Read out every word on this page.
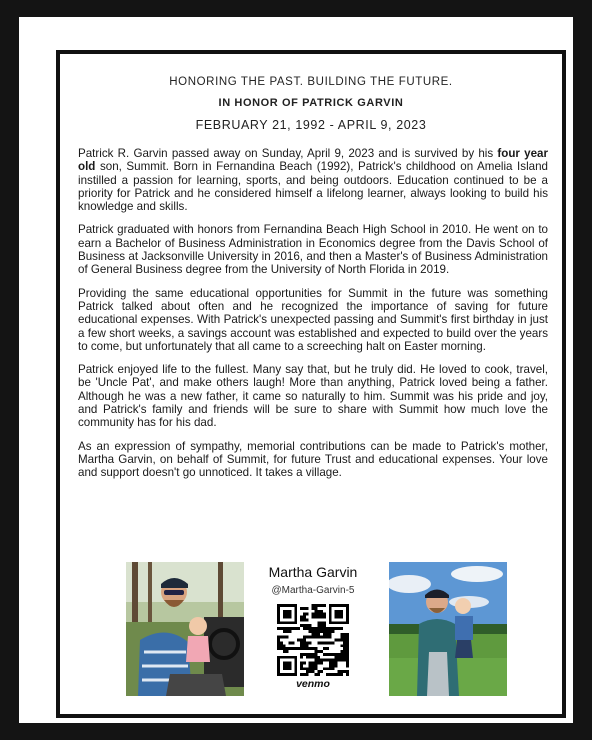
HONORING THE PAST. BUILDING THE FUTURE.
IN HONOR OF PATRICK GARVIN
FEBRUARY 21, 1992 - APRIL 9, 2023

Patrick R. Garvin passed away on Sunday, April 9, 2023 and is survived by his four year old son, Summit. Born in Fernandina Beach (1992), Patrick's childhood on Amelia Island instilled a passion for learning, sports, and being outdoors. Education continued to be a priority for Patrick and he considered himself a lifelong learner, always looking to build his knowledge and skills.

Patrick graduated with honors from Fernandina Beach High School in 2010. He went on to earn a Bachelor of Business Administration in Economics degree from the Davis School of Business at Jacksonville University in 2016, and then a Master's of Business Administration of General Business degree from the University of North Florida in 2019.

Providing the same educational opportunities for Summit in the future was something Patrick talked about often and he recognized the importance of saving for future educational expenses. With Patrick's unexpected passing and Summit's first birthday in just a few short weeks, a savings account was established and expected to build over the years to come, but unfortunately that all came to a screeching halt on Easter morning.

Patrick enjoyed life to the fullest. Many say that, but he truly did. He loved to cook, travel, be 'Uncle Pat', and make others laugh! More than anything, Patrick loved being a father. Although he was a new father, it came so naturally to him. Summit was his pride and joy, and Patrick's family and friends will be sure to share with Summit how much love the community has for his dad.

As an expression of sympathy, memorial contributions can be made to Patrick's mother, Martha Garvin, on behalf of Summit, for future Trust and educational expenses. Your love and support doesn't go unnoticed. It takes a village.

Martha Garvin
@Martha-Garvin-5
venmo
